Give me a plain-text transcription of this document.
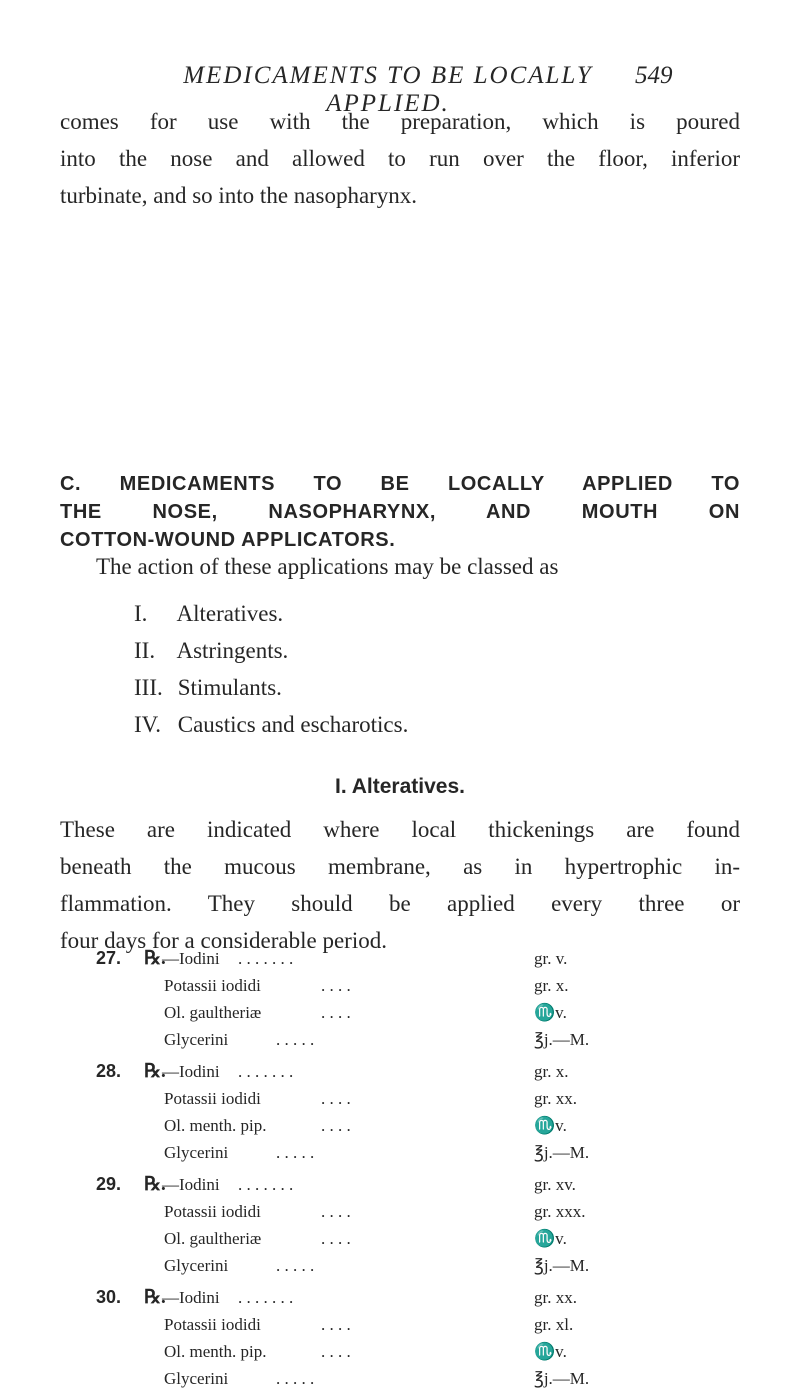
MEDICAMENTS TO BE LOCALLY APPLIED.
549

comes for use with the preparation, which is poured
into the nose and allowed to run over the floor, inferior
turbinate, and so into the nasopharynx.

C. MEDICAMENTS TO BE LOCALLY APPLIED TO
THE NOSE, NASOPHARYNX, AND MOUTH ON
COTTON-WOUND APPLICATORS.

The action of these applications may be classed as

I. Alteratives.
II. Astringents.
III. Stimulants.
IV. Caustics and escharotics.
I. Alteratives.

These are indicated where local thickenings are found
beneath the mucous membrane, as in hypertrophic in-
flammation. They should be applied every three or
four days for a considerable period.

27. ℞.
—Iodini . . . . . . .	gr. v.
Potassii iodidi	. . . .	gr. x.
Ol. gaultheriæ	. . . .	♏v.
Glycerini	. . . . .	℥j.—M.
28. ℞.
—Iodini . . . . . . .	gr. x.
Potassii iodidi	. . . .	gr. xx.
Ol. menth. pip.	. . . .	♏v.
Glycerini	. . . . .	℥j.—M.
29. ℞.
—Iodini . . . . . . .	gr. xv.
Potassii iodidi	. . . .	gr. xxx.
Ol. gaultheriæ	. . . .	♏v.
Glycerini	. . . . .	℥j.—M.
30. ℞.
—Iodini . . . . . . .	gr. xx.
Potassii iodidi	. . . .	gr. xl.
Ol. menth. pip.	. . . .	♏v.
Glycerini	. . . . .	℥j.—M.
